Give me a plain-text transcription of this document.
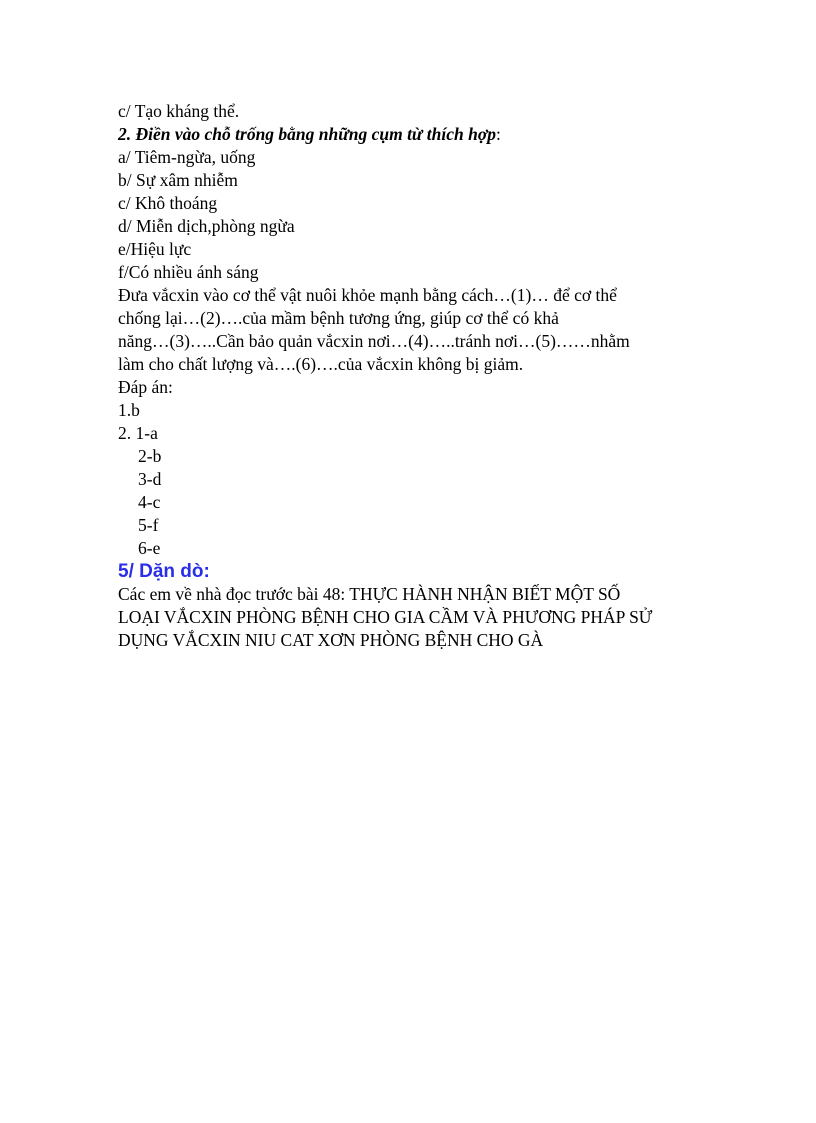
c/ Tạo kháng thể.
2. Điền vào chỗ trống bằng những cụm từ thích hợp:
a/ Tiêm-ngừa, uống
b/ Sự xâm nhiễm
c/ Khô thoáng
d/ Miễn dịch,phòng ngừa
e/Hiệu lực
f/Có nhiều ánh sáng
Đưa vắcxin vào cơ thể vật nuôi khỏe mạnh bằng cách…(1)… để cơ thể
chống lại…(2)….của mầm bệnh tương ứng, giúp cơ thể có khả
năng…(3)…..Cần bảo quản vắcxin nơi…(4)…..tránh nơi…(5)……nhằm
làm cho chất lượng và….(6)….của vắcxin không bị giảm.
Đáp án:
1.b
2. 1-a
2-b
3-d
4-c
5-f
6-e
5/ Dặn dò:
Các em về nhà đọc trước bài 48: THỰC HÀNH NHẬN BIẾT MỘT SỐ
LOẠI VẮCXIN PHÒNG BỆNH CHO GIA CẦM VÀ PHƯƠNG PHÁP SỬ
DỤNG VẮCXIN NIU CAT XƠN PHÒNG BỆNH CHO GÀ
